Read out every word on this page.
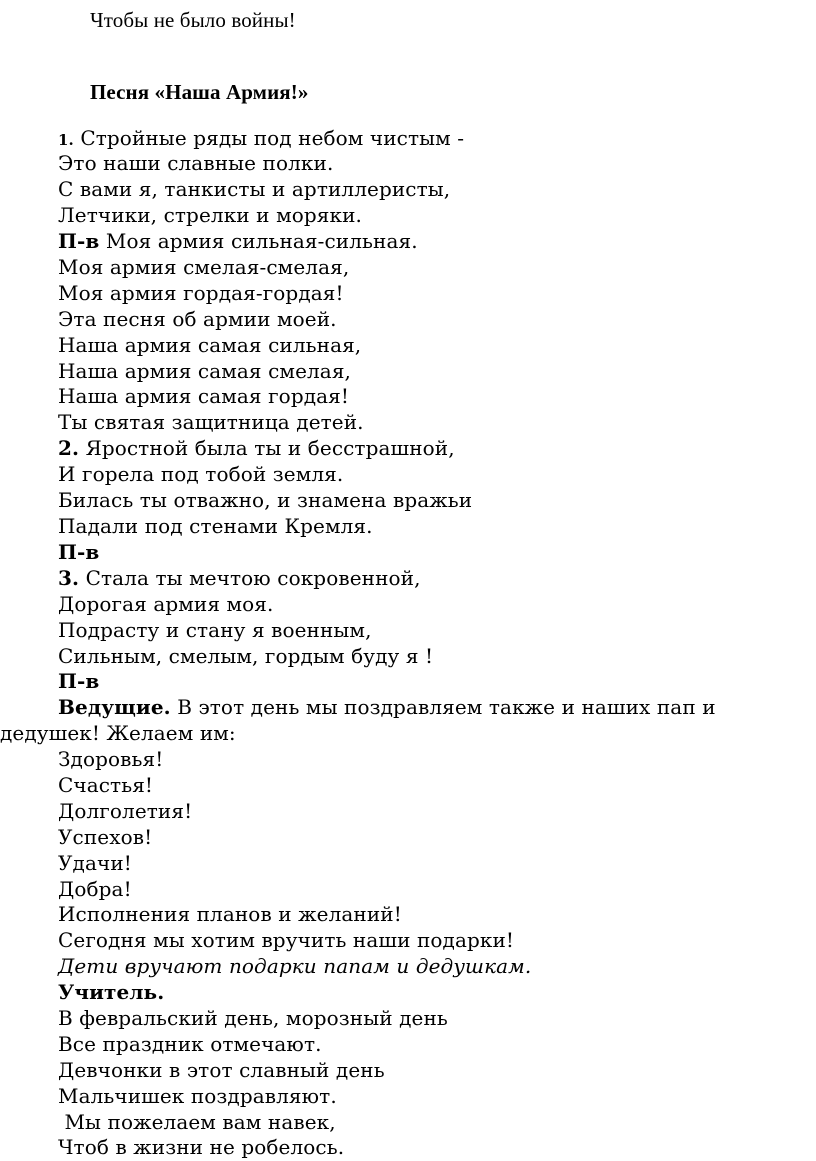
Чтобы не было войны!
Песня «Наша Армия!»
1. Стройные ряды под небом чистым -
Это наши славные полки.
С вами я, танкисты и артиллеристы,
Летчики, стрелки и моряки.
П-в Моя армия сильная-сильная.
Моя армия смелая-смелая,
Моя армия гордая-гордая!
Эта песня об армии моей.
Наша армия самая сильная,
Наша армия самая смелая,
Наша армия самая гордая!
Ты святая защитница детей.
2. Яростной была ты и бесстрашной,
И горела под тобой земля.
Билась ты отважно, и знамена вражьи
Падали под стенами Кремля.
П-в
3. Стала ты мечтою сокровенной,
Дорогая армия моя.
Подрасту и стану я военным,
Сильным, смелым, гордым буду я !
П-в
Ведущие. В этот день мы поздравляем также и наших пап и
дедушек! Желаем им:
Здоровья!
Счастья!
Долголетия!
Успехов!
Удачи!
Добра!
Исполнения планов и желаний!
Сегодня мы хотим вручить наши подарки!
Дети вручают подарки папам и дедушкам.
Учитель.
В февральский день, морозный день
Все праздник отмечают.
Девчонки в этот славный день
Мальчишек поздравляют.
Мы пожелаем вам навек,
Чтоб в жизни не робелось.
